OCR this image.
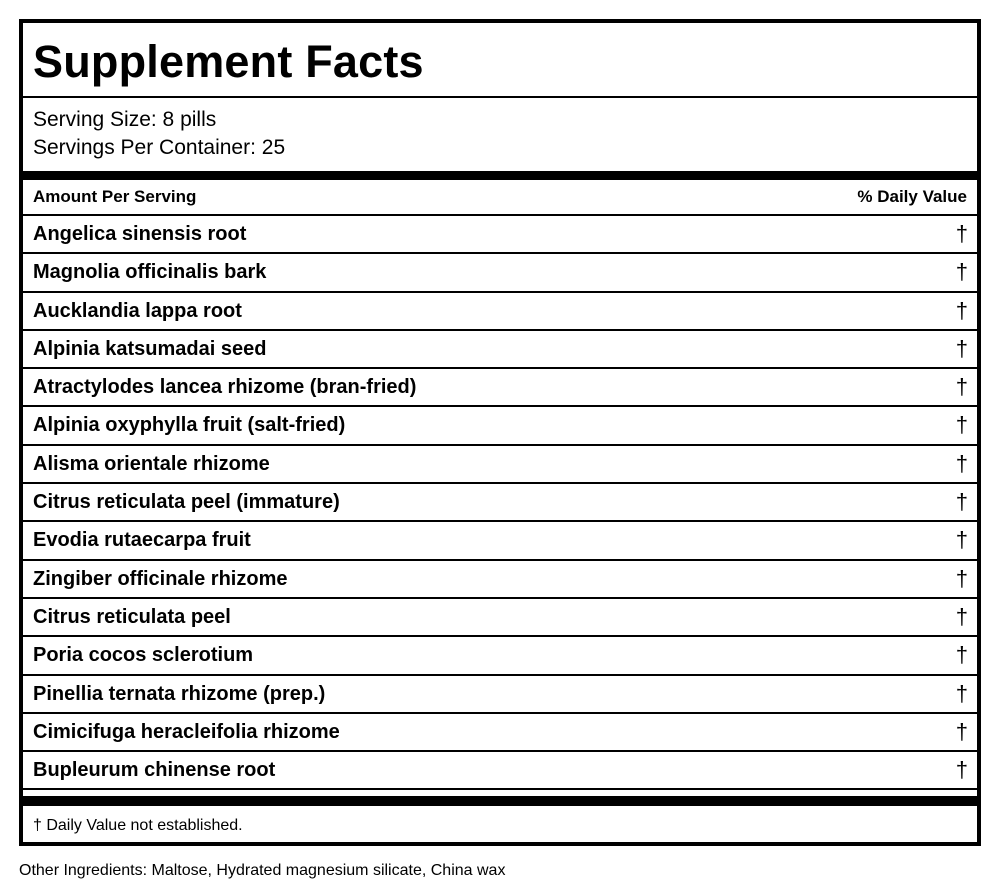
Supplement Facts
Serving Size: 8 pills
Servings Per Container: 25
Amount Per Serving	% Daily Value
Angelica sinensis root	†
Magnolia officinalis bark	†
Aucklandia lappa root	†
Alpinia katsumadai seed	†
Atractylodes lancea rhizome (bran-fried)	†
Alpinia oxyphylla fruit (salt-fried)	†
Alisma orientale rhizome	†
Citrus reticulata peel (immature)	†
Evodia rutaecarpa fruit	†
Zingiber officinale rhizome	†
Citrus reticulata peel	†
Poria cocos sclerotium	†
Pinellia ternata rhizome (prep.)	†
Cimicifuga heracleifolia rhizome	†
Bupleurum chinense root	†
† Daily Value not established.
Other Ingredients: Maltose, Hydrated magnesium silicate, China wax
